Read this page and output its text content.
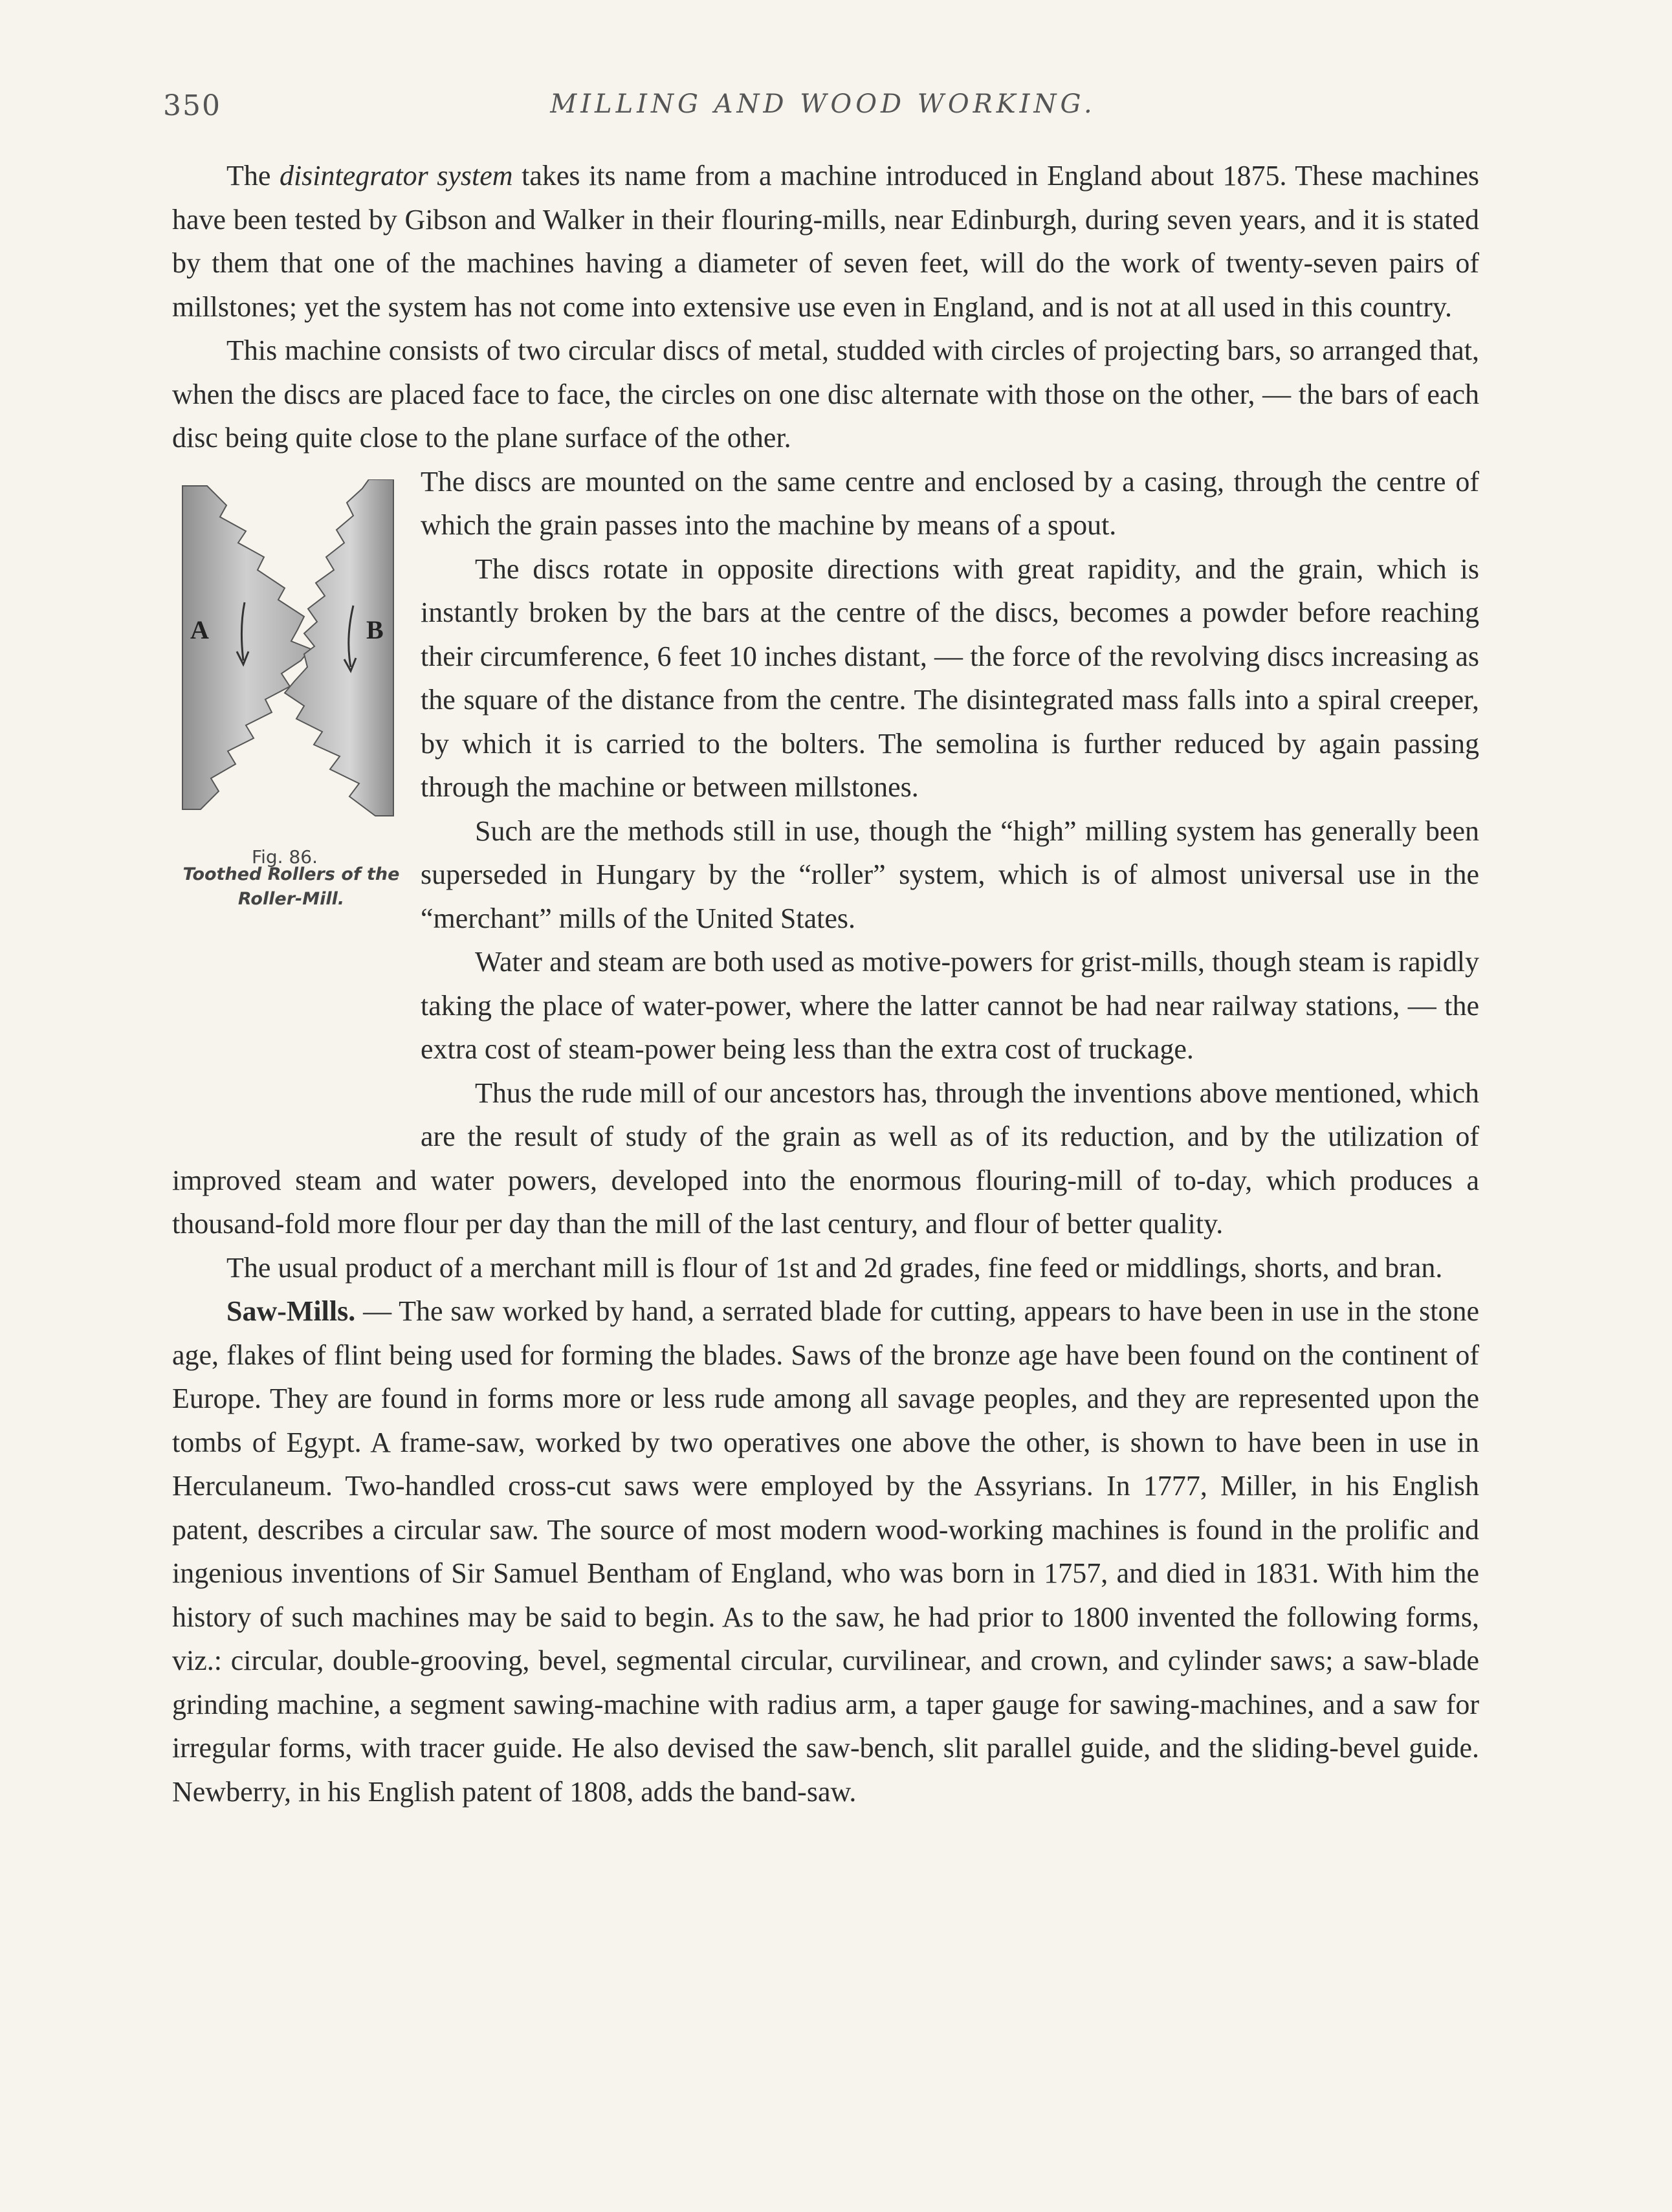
350	MILLING AND WOOD WORKING.

The disintegrator system takes its name from a machine introduced in England about 1875. These machines have been tested by Gibson and Walker in their flouring-mills, near Edinburgh, during seven years, and it is stated by them that one of the machines having a diameter of seven feet, will do the work of twenty-seven pairs of millstones; yet the system has not come into extensive use even in England, and is not at all used in this country.

This machine consists of two circular discs of metal, studded with circles of projecting bars, so arranged that, when the discs are placed face to face, the circles on one disc alternate with those on the other, — the bars of each disc being quite close to the plane surface of the other.

A	B
Fig. 86.
Toothed Rollers of the Roller-Mill.

The discs are mounted on the same centre and enclosed by a casing, through the centre of which the grain passes into the machine by means of a spout.

The discs rotate in opposite directions with great rapidity, and the grain, which is instantly broken by the bars at the centre of the discs, becomes a powder before reaching their circumference, 6 feet 10 inches distant, — the force of the revolving discs increasing as the square of the distance from the centre. The disintegrated mass falls into a spiral creeper, by which it is carried to the bolters. The semolina is further reduced by again passing through the machine or between millstones.

Such are the methods still in use, though the “high” milling system has generally been superseded in Hungary by the “roller” system, which is of almost universal use in the “merchant” mills of the United States.

Water and steam are both used as motive-powers for grist-mills, though steam is rapidly taking the place of water-power, where the latter cannot be had near railway stations, — the extra cost of steam-power being less than the extra cost of truckage.

Thus the rude mill of our ancestors has, through the inventions above mentioned, which are the result of study of the grain as well as of its reduction, and by the utilization of improved steam and water powers, developed into the enormous flouring-mill of to-day, which produces a thousand-fold more flour per day than the mill of the last century, and flour of better quality.

The usual product of a merchant mill is flour of 1st and 2d grades, fine feed or middlings, shorts, and bran.

Saw-Mills. — The saw worked by hand, a serrated blade for cutting, appears to have been in use in the stone age, flakes of flint being used for forming the blades. Saws of the bronze age have been found on the continent of Europe. They are found in forms more or less rude among all savage peoples, and they are represented upon the tombs of Egypt. A frame-saw, worked by two operatives one above the other, is shown to have been in use in Herculaneum. Two-handled cross-cut saws were employed by the Assyrians. In 1777, Miller, in his English patent, describes a circular saw. The source of most modern wood-working machines is found in the prolific and ingenious inventions of Sir Samuel Bentham of England, who was born in 1757, and died in 1831. With him the history of such machines may be said to begin. As to the saw, he had prior to 1800 invented the following forms, viz.: circular, double-grooving, bevel, segmental circular, curvilinear, and crown, and cylinder saws; a saw-blade grinding machine, a segment sawing-machine with radius arm, a taper gauge for sawing-machines, and a saw for irregular forms, with tracer guide. He also devised the saw-bench, slit parallel guide, and the sliding-bevel guide. Newberry, in his English patent of 1808, adds the band-saw.
